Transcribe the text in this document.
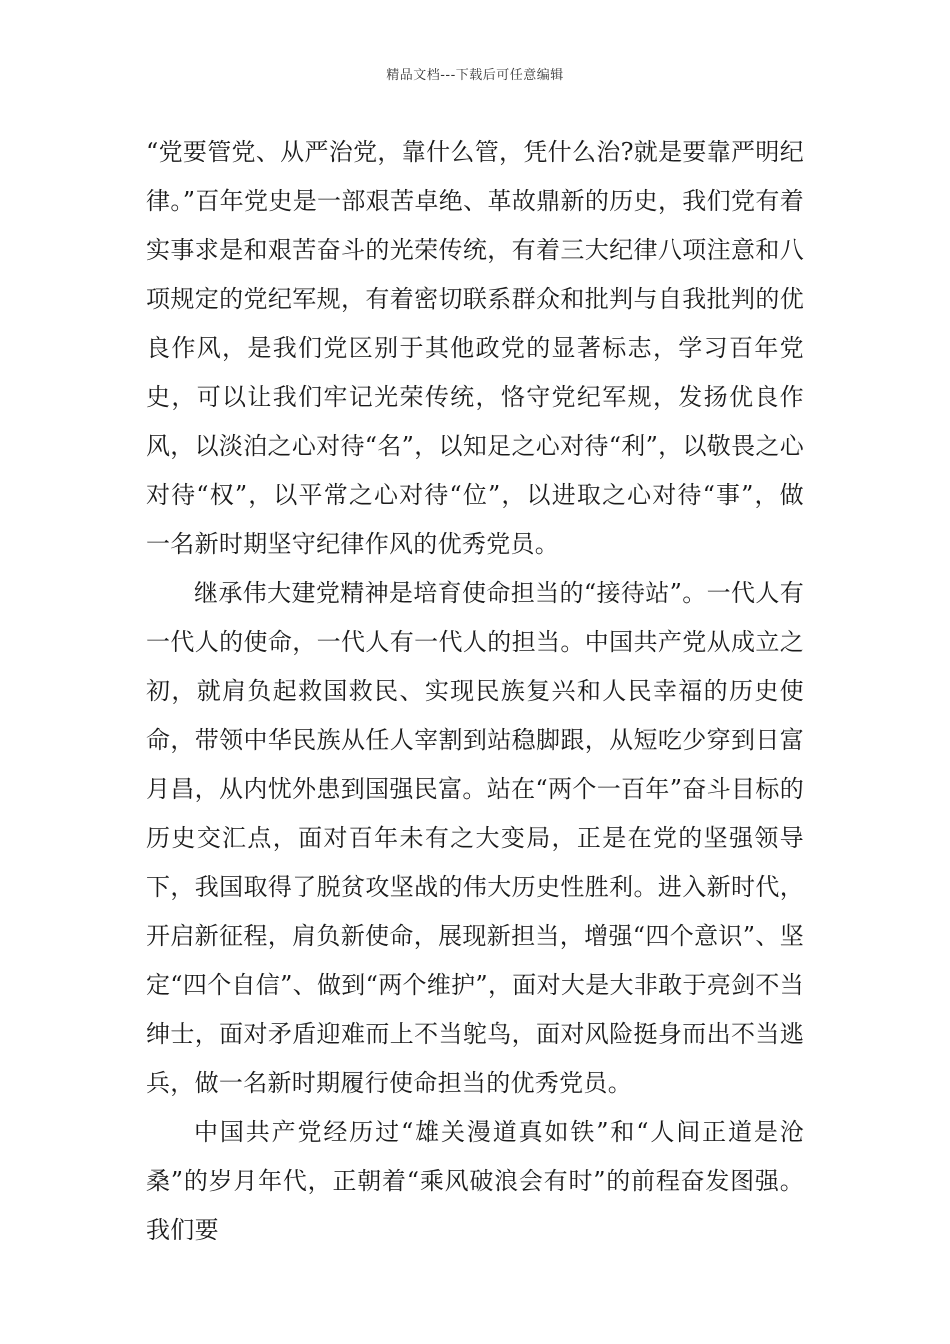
精品文档---下载后可任意编辑

“党要管党、从严治党，靠什么管，凭什么治?就是要靠严明纪律。”百年党史是一部艰苦卓绝、革故鼎新的历史，我们党有着实事求是和艰苦奋斗的光荣传统，有着三大纪律八项注意和八项规定的党纪军规，有着密切联系群众和批判与自我批判的优良作风，是我们党区别于其他政党的显著标志，学习百年党史，可以让我们牢记光荣传统，恪守党纪军规，发扬优良作风，以淡泊之心对待“名”，以知足之心对待“利”，以敬畏之心对待“权”，以平常之心对待“位”，以进取之心对待“事”，做一名新时期坚守纪律作风的优秀党员。

继承伟大建党精神是培育使命担当的“接待站”。一代人有一代人的使命，一代人有一代人的担当。中国共产党从成立之初，就肩负起救国救民、实现民族复兴和人民幸福的历史使命，带领中华民族从任人宰割到站稳脚跟，从短吃少穿到日富月昌，从内忧外患到国强民富。站在“两个一百年”奋斗目标的历史交汇点，面对百年未有之大变局，正是在党的坚强领导下，我国取得了脱贫攻坚战的伟大历史性胜利。进入新时代，开启新征程，肩负新使命，展现新担当，增强“四个意识”、坚定“四个自信”、做到“两个维护”，面对大是大非敢于亮剑不当绅士，面对矛盾迎难而上不当鸵鸟，面对风险挺身而出不当逃兵，做一名新时期履行使命担当的优秀党员。

中国共产党经历过“雄关漫道真如铁”和“人间正道是沧桑”的岁月年代，正朝着“乘风破浪会有时”的前程奋发图强。我们要
